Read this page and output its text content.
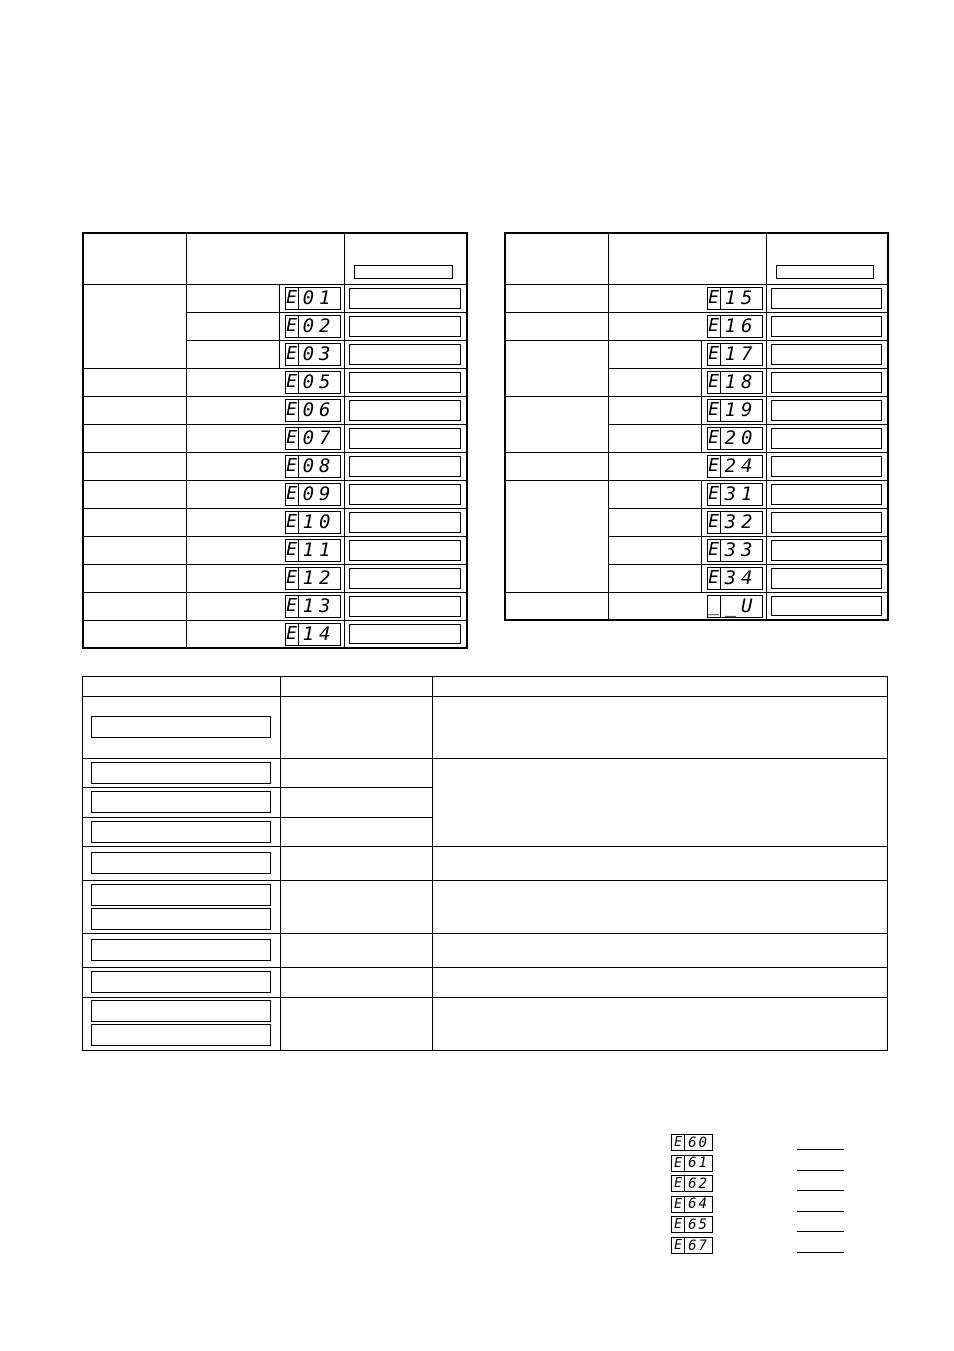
E 01	

E 02	

E 03	

E 05		

E 06		

E 07		

E 08		

E 09		

E 10		

E 11		

E 12		

E 13		

E 14		

E 15		

E 16		

E 17	

E 18	

E 19	

E 20	

E 24		

E 31	

E 32	

E 33	

E 34	

_ _U		

E 60
E 61
E 62
E 64
E 65
E 67
